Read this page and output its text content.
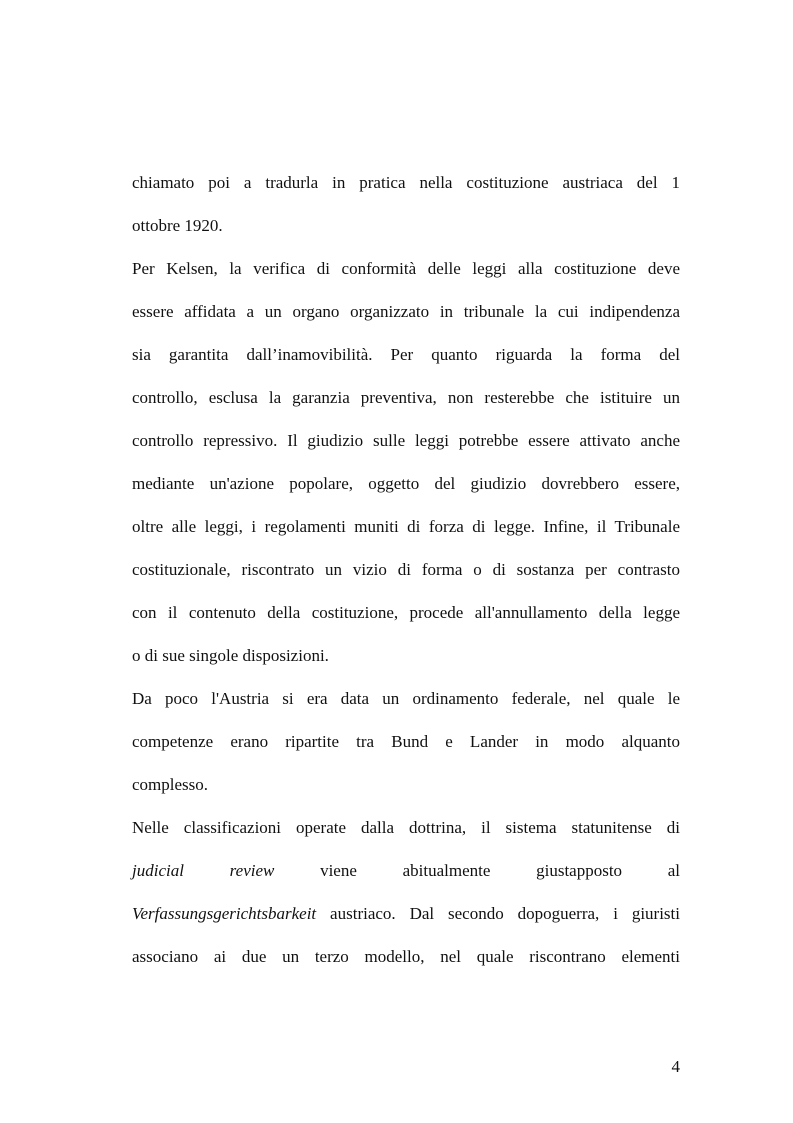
chiamato poi a tradurla in pratica nella costituzione austriaca del 1
ottobre 1920.
Per Kelsen, la verifica di conformità delle leggi alla costituzione deve
essere affidata a un organo organizzato in tribunale la cui indipendenza
sia garantita dall’inamovibilità. Per quanto riguarda la forma del
controllo, esclusa la garanzia preventiva, non resterebbe che istituire un
controllo repressivo. Il giudizio sulle leggi potrebbe essere attivato anche
mediante un'azione popolare, oggetto del giudizio dovrebbero essere,
oltre alle leggi, i regolamenti muniti di forza di legge. Infine, il Tribunale
costituzionale, riscontrato un vizio di forma o di sostanza per contrasto
con il contenuto della costituzione, procede all'annullamento della legge
o di sue singole disposizioni.
Da poco l'Austria si era data un ordinamento federale, nel quale le
competenze erano ripartite tra Bund e Lander in modo alquanto
complesso.
Nelle classificazioni operate dalla dottrina, il sistema statunitense di
judicial	review	viene abitualmente giustapposto al
Verfassungsgerichtsbarkeit austriaco. Dal secondo dopoguerra, i giuristi
associano ai due un terzo modello, nel quale riscontrano elementi
4
